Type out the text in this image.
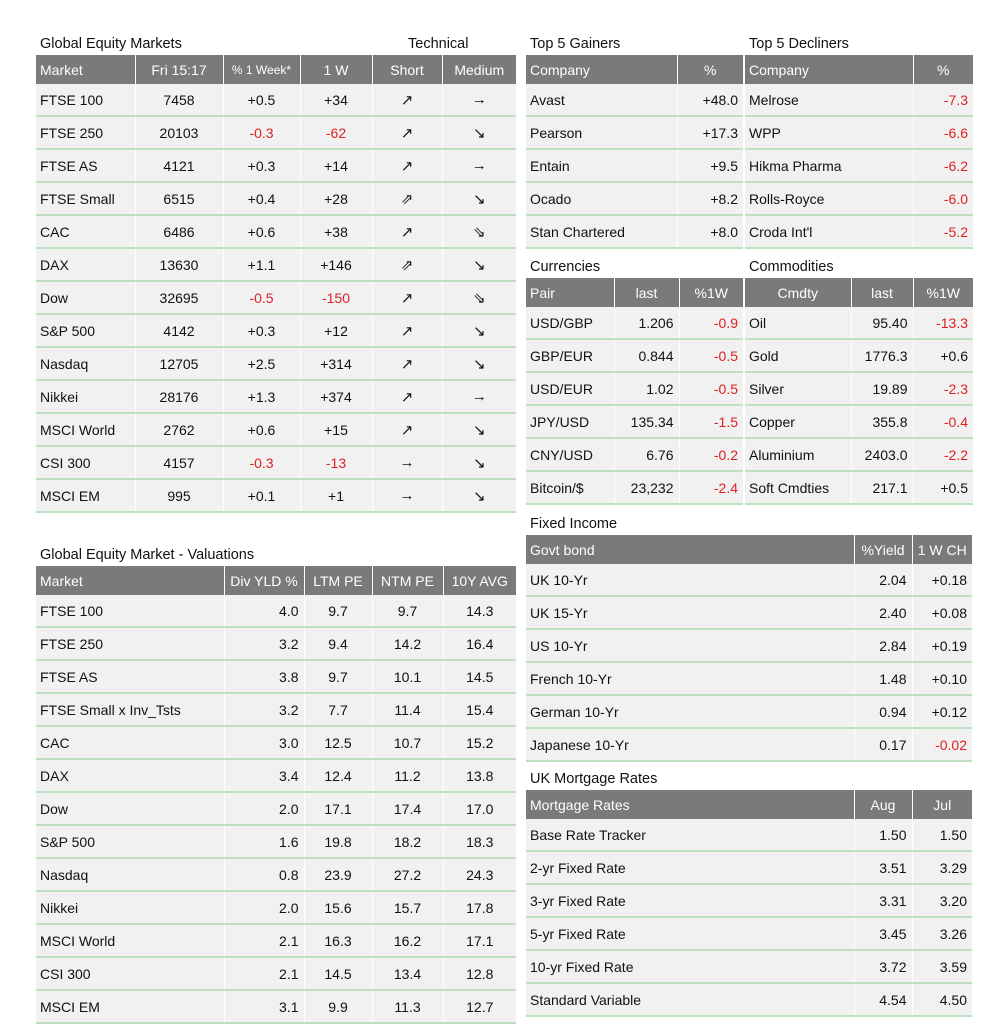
Global Equity Markets	Technical
Market	Fri 15:17	% 1 Week*	1 W	Short	Medium
FTSE 100	7458	+0.5	+34	↗	→
FTSE 250	20103	-0.3	-62	↗	↘
FTSE AS	4121	+0.3	+14	↗	→
FTSE Small	6515	+0.4	+28	⇗	↘
CAC	6486	+0.6	+38	↗	⇘
DAX	13630	+1.1	+146	⇗	↘
Dow	32695	-0.5	-150	↗	⇘
S&P 500	4142	+0.3	+12	↗	↘
Nasdaq	12705	+2.5	+314	↗	↘
Nikkei	28176	+1.3	+374	↗	→
MSCI World	2762	+0.6	+15	↗	↘
CSI 300	4157	-0.3	-13	→	↘
MSCI EM	995	+0.1	+1	→	↘
Top 5 Gainers
Company	%
Avast	+48.0
Pearson	+17.3
Entain	+9.5
Ocado	+8.2
Stan Chartered	+8.0
Top 5 Decliners
Company	%
Melrose	-7.3
WPP	-6.6
Hikma Pharma	-6.2
Rolls-Royce	-6.0
Croda Int'l	-5.2
Currencies
Pair	last	%1W
USD/GBP	1.206	-0.9
GBP/EUR	0.844	-0.5
USD/EUR	1.02	-0.5
JPY/USD	135.34	-1.5
CNY/USD	6.76	-0.2
Bitcoin/$	23,232	-2.4
Commodities
Cmdty	last	%1W
Oil	95.40	-13.3
Gold	1776.3	+0.6
Silver	19.89	-2.3
Copper	355.8	-0.4
Aluminium	2403.0	-2.2
Soft Cmdties	217.1	+0.5
Fixed Income
Govt bond	%Yield	1 W CH
UK 10-Yr	2.04	+0.18
UK 15-Yr	2.40	+0.08
US 10-Yr	2.84	+0.19
French 10-Yr	1.48	+0.10
German 10-Yr	0.94	+0.12
Japanese 10-Yr	0.17	-0.02
Global Equity Market - Valuations
Market	Div YLD %	LTM PE	NTM PE	10Y AVG
FTSE 100	4.0	9.7	9.7	14.3
FTSE 250	3.2	9.4	14.2	16.4
FTSE AS	3.8	9.7	10.1	14.5
FTSE Small x Inv_Tsts	3.2	7.7	11.4	15.4
CAC	3.0	12.5	10.7	15.2
DAX	3.4	12.4	11.2	13.8
Dow	2.0	17.1	17.4	17.0
S&P 500	1.6	19.8	18.2	18.3
Nasdaq	0.8	23.9	27.2	24.3
Nikkei	2.0	15.6	15.7	17.8
MSCI World	2.1	16.3	16.2	17.1
CSI 300	2.1	14.5	13.4	12.8
MSCI EM	3.1	9.9	11.3	12.7
UK Mortgage Rates
Mortgage Rates	Aug	Jul
Base Rate Tracker	1.50	1.50
2-yr Fixed Rate	3.51	3.29
3-yr Fixed Rate	3.31	3.20
5-yr Fixed Rate	3.45	3.26
10-yr Fixed Rate	3.72	3.59
Standard Variable	4.54	4.50
